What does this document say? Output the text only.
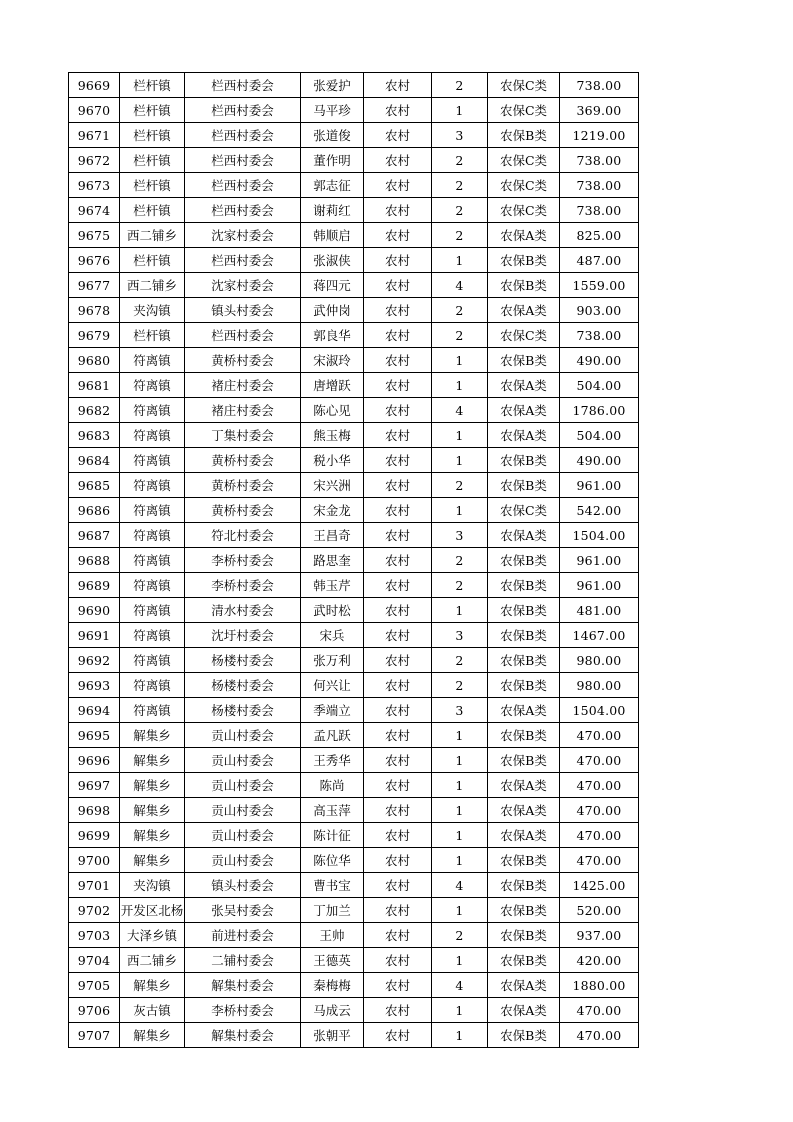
9669	栏杆镇	栏西村委会	张爱护	农村	2	农保C类	738.00
9670	栏杆镇	栏西村委会	马平珍	农村	1	农保C类	369.00
9671	栏杆镇	栏西村委会	张道俊	农村	3	农保B类	1219.00
9672	栏杆镇	栏西村委会	董作明	农村	2	农保C类	738.00
9673	栏杆镇	栏西村委会	郭志征	农村	2	农保C类	738.00
9674	栏杆镇	栏西村委会	谢莉红	农村	2	农保C类	738.00
9675	西二铺乡	沈家村委会	韩顺启	农村	2	农保A类	825.00
9676	栏杆镇	栏西村委会	张淑侠	农村	1	农保B类	487.00
9677	西二铺乡	沈家村委会	蒋四元	农村	4	农保B类	1559.00
9678	夹沟镇	镇头村委会	武仲岗	农村	2	农保A类	903.00
9679	栏杆镇	栏西村委会	郭良华	农村	2	农保C类	738.00
9680	符离镇	黄桥村委会	宋淑玲	农村	1	农保B类	490.00
9681	符离镇	褚庄村委会	唐增跃	农村	1	农保A类	504.00
9682	符离镇	褚庄村委会	陈心见	农村	4	农保A类	1786.00
9683	符离镇	丁集村委会	熊玉梅	农村	1	农保A类	504.00
9684	符离镇	黄桥村委会	税小华	农村	1	农保B类	490.00
9685	符离镇	黄桥村委会	宋兴洲	农村	2	农保B类	961.00
9686	符离镇	黄桥村委会	宋金龙	农村	1	农保C类	542.00
9687	符离镇	符北村委会	王昌奇	农村	3	农保A类	1504.00
9688	符离镇	李桥村委会	路思奎	农村	2	农保B类	961.00
9689	符离镇	李桥村委会	韩玉芹	农村	2	农保B类	961.00
9690	符离镇	清水村委会	武时松	农村	1	农保B类	481.00
9691	符离镇	沈圩村委会	宋兵	农村	3	农保B类	1467.00
9692	符离镇	杨楼村委会	张万利	农村	2	农保B类	980.00
9693	符离镇	杨楼村委会	何兴让	农村	2	农保B类	980.00
9694	符离镇	杨楼村委会	季端立	农村	3	农保A类	1504.00
9695	解集乡	贡山村委会	孟凡跃	农村	1	农保B类	470.00
9696	解集乡	贡山村委会	王秀华	农村	1	农保B类	470.00
9697	解集乡	贡山村委会	陈尚	农村	1	农保A类	470.00
9698	解集乡	贡山村委会	高玉萍	农村	1	农保A类	470.00
9699	解集乡	贡山村委会	陈计征	农村	1	农保A类	470.00
9700	解集乡	贡山村委会	陈位华	农村	1	农保B类	470.00
9701	夹沟镇	镇头村委会	曹书宝	农村	4	农保B类	1425.00
9702	开发区北杨	张吴村委会	丁加兰	农村	1	农保B类	520.00
9703	大泽乡镇	前进村委会	王帅	农村	2	农保B类	937.00
9704	西二铺乡	二铺村委会	王德英	农村	1	农保B类	420.00
9705	解集乡	解集村委会	秦梅梅	农村	4	农保A类	1880.00
9706	灰古镇	李桥村委会	马成云	农村	1	农保A类	470.00
9707	解集乡	解集村委会	张朝平	农村	1	农保B类	470.00
